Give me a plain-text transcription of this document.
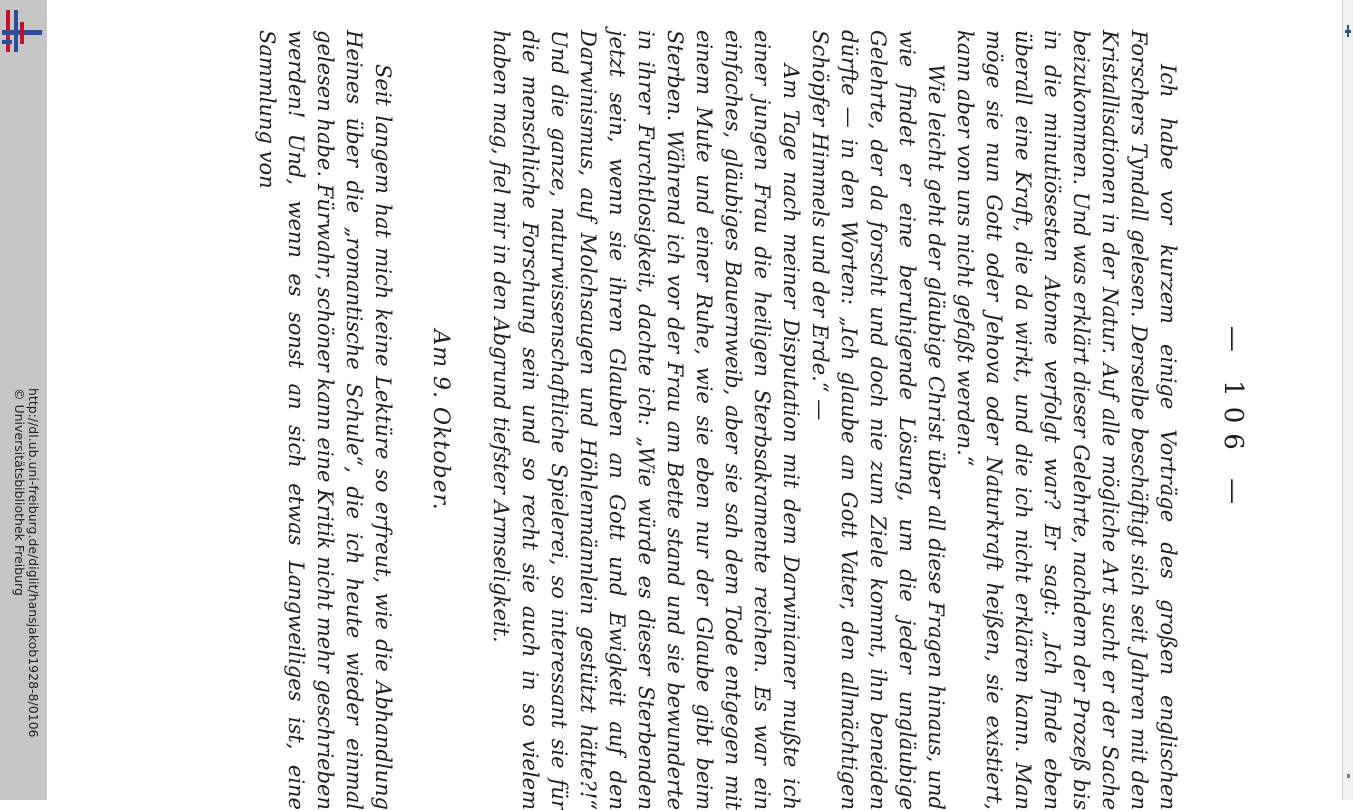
http://dl.ub.uni-freiburg.de/diglit/hansjakob1928-8/0106
© Universitätsbibliothek Freiburg	— 106 —

Ich habe vor kurzem einige Vorträge des großen englischen Forschers Tyndall gelesen. Derselbe beschäftigt sich seit Jahren mit den Kristallisationen in der Natur. Auf alle mögliche Art sucht er der Sache beizukommen. Und was erklärt dieser Gelehrte, nachdem der Prozeß bis in die minutiösesten Atome verfolgt war? Er sagt: „Ich finde eben überall eine Kraft, die da wirkt, und die ich nicht erklären kann. Man möge sie nun Gott oder Jehova oder Naturkraft heißen, sie existiert, kann aber von uns nicht gefaßt werden.“

Wie leicht geht der gläubige Christ über all diese Fragen hinaus, und wie findet er eine beruhigende Lösung, um die jeder ungläubige Gelehrte, der da forscht und doch nie zum Ziele kommt, ihn beneiden dürfte — in den Worten: „Ich glaube an Gott Vater, den allmächtigen Schöpfer Himmels und der Erde.“ —

Am Tage nach meiner Disputation mit dem Darwinianer mußte ich einer jungen Frau die heiligen Sterbsakramente reichen. Es war ein einfaches, gläubiges Bauernweib, aber sie sah dem Tode entgegen mit einem Mute und einer Ruhe, wie sie eben nur der Glaube gibt beim Sterben. Während ich vor der Frau am Bette stand und sie bewunderte in ihrer Furchtlosigkeit, dachte ich: „Wie würde es dieser Sterbenden jetzt sein, wenn sie ihren Glauben an Gott und Ewigkeit auf den Darwinismus, auf Molchsaugen und Höhlenmännlein gestützt hätte?!“ Und die ganze, naturwissenschaftliche Spielerei, so interessant sie für die menschliche Forschung sein und so recht sie auch in so vielem haben mag, fiel mir in den Abgrund tiefster Armseligkeit.

Am 9. Oktober.

Seit langem hat mich keine Lektüre so erfreut, wie die Abhandlung Heines über die „romantische Schule“, die ich heute wieder einmal gelesen habe. Fürwahr, schöner kann eine Kritik nicht mehr geschrieben werden! Und, wenn es sonst an sich etwas Langweiliges ist, eine Sammlung von
